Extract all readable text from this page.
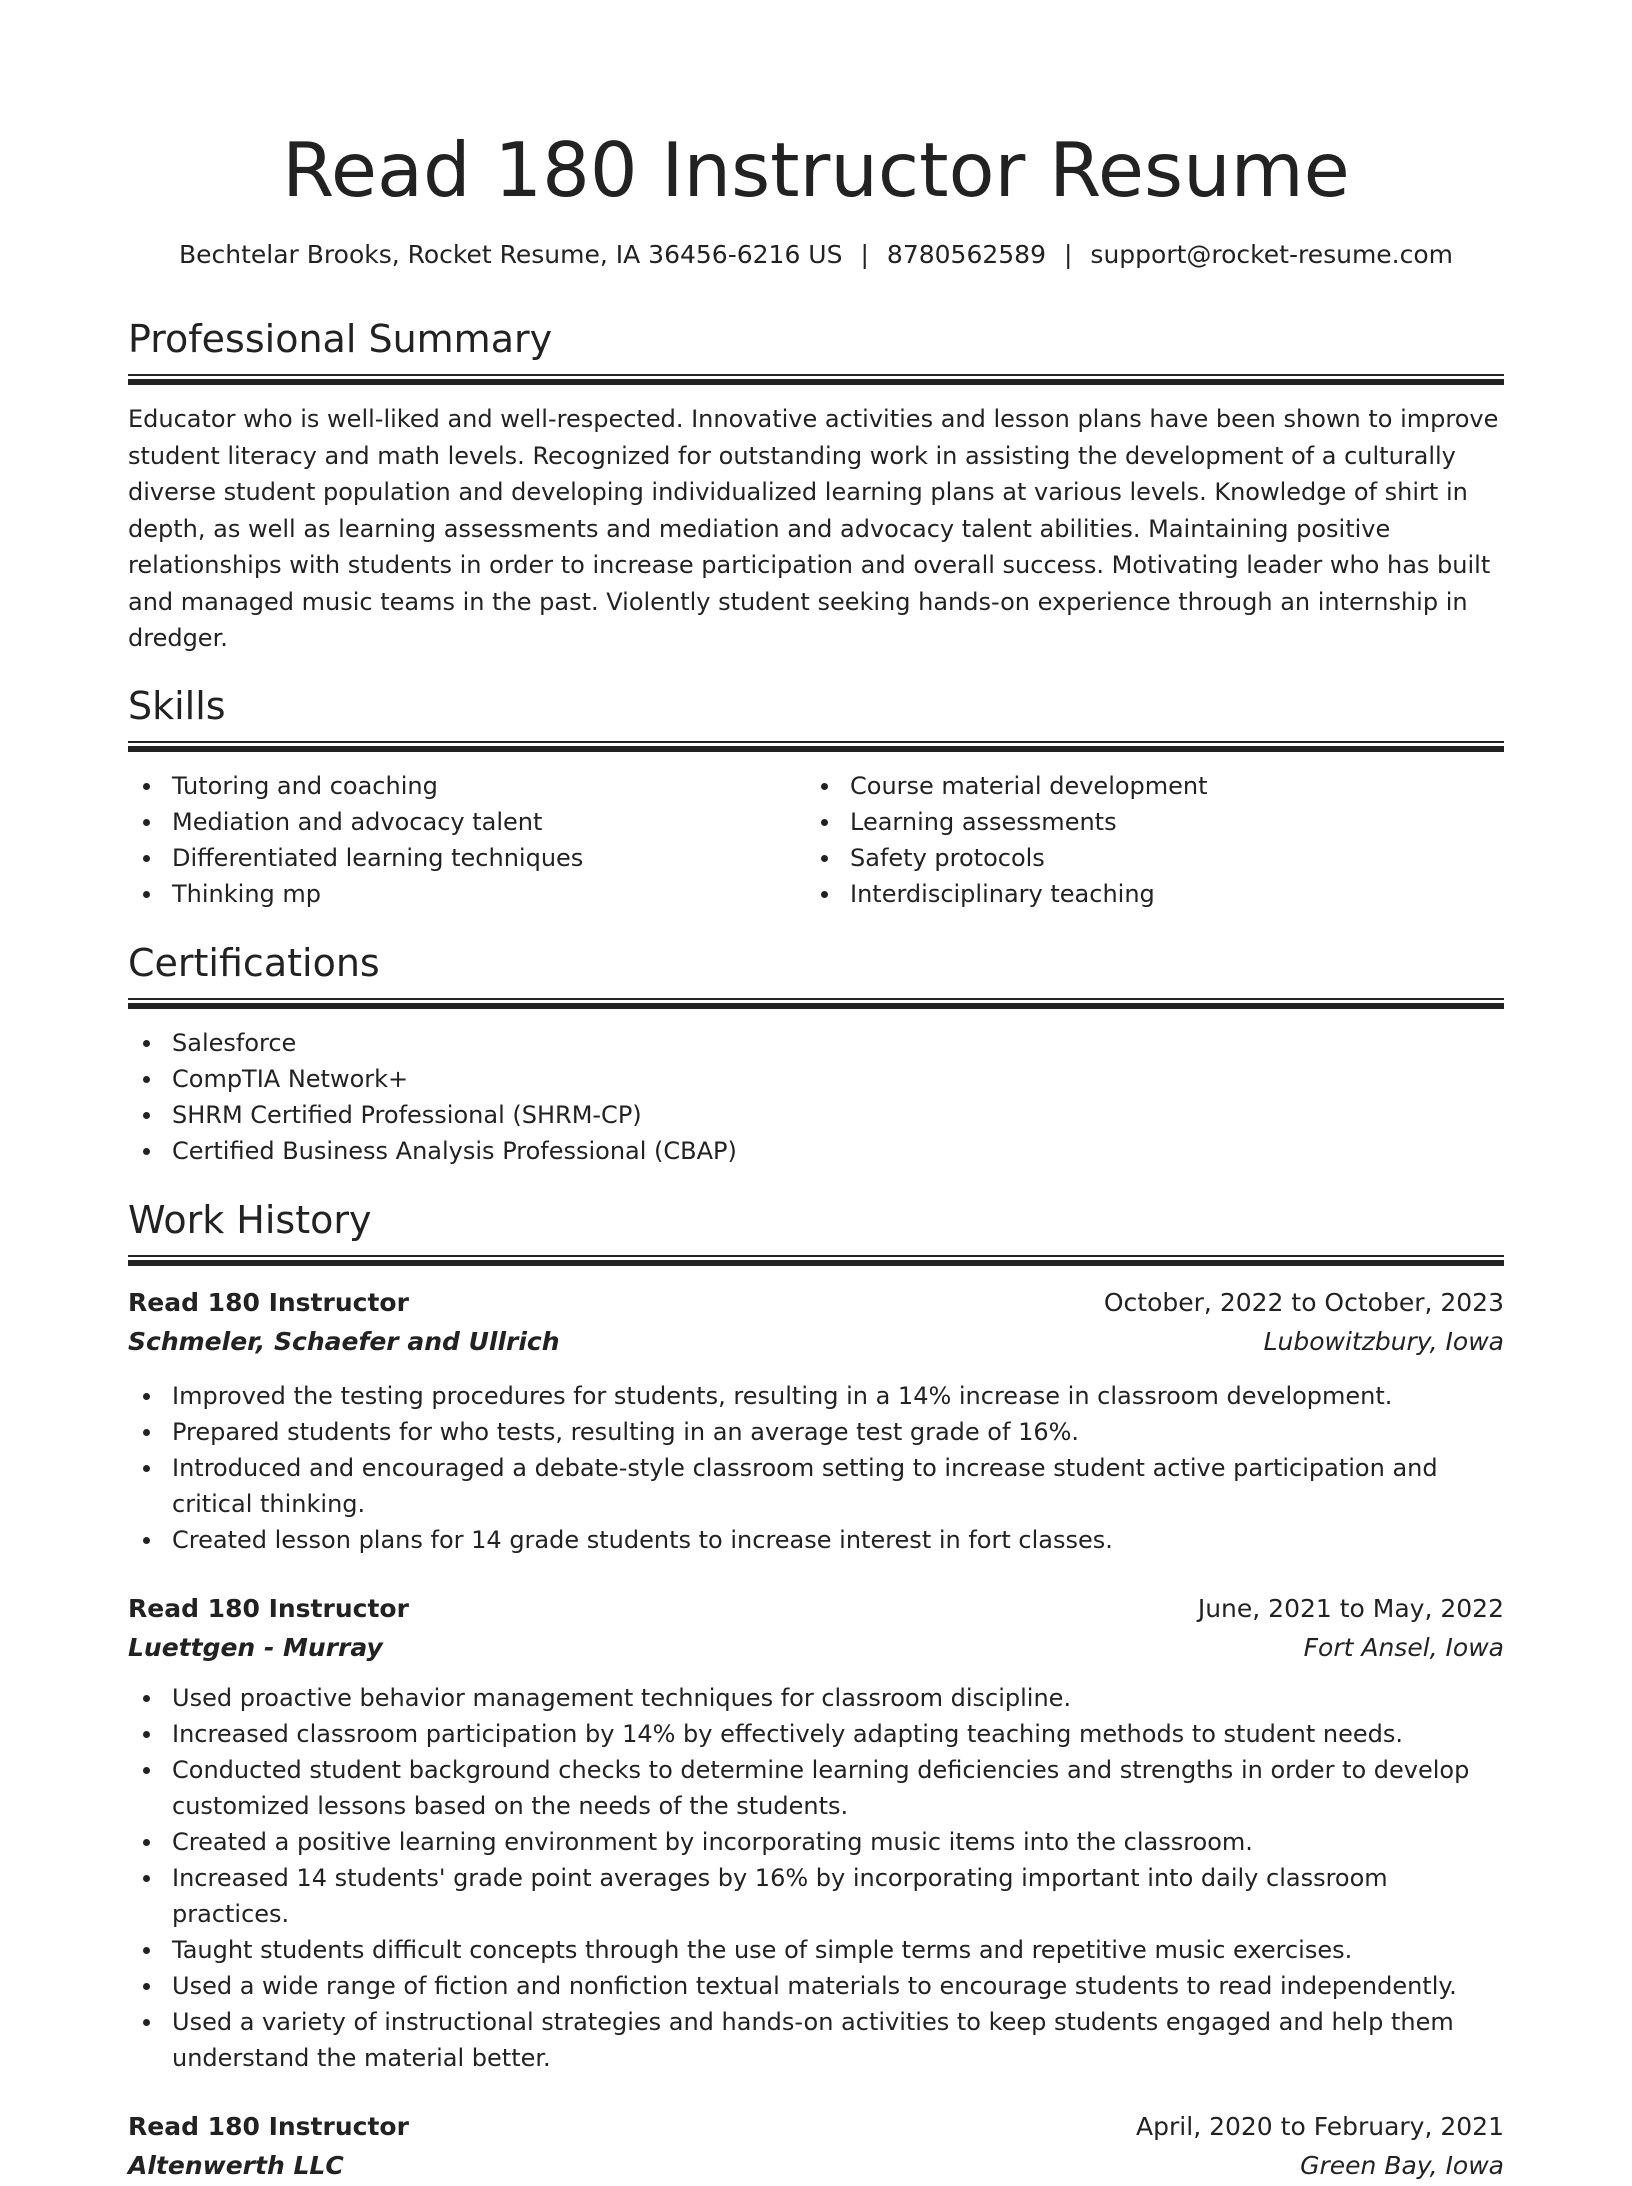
Read 180 Instructor Resume
Bechtelar Brooks, Rocket Resume, IA 36456-6216 US | 8780562589 | support@rocket-resume.com
Professional Summary

Educator who is well-liked and well-respected. Innovative activities and lesson plans have been shown to improve student literacy and math levels. Recognized for outstanding work in assisting the development of a culturally diverse student population and developing individualized learning plans at various levels. Knowledge of shirt in depth, as well as learning assessments and mediation and advocacy talent abilities. Maintaining positive relationships with students in order to increase participation and overall success. Motivating leader who has built and managed music teams in the past. Violently student seeking hands-on experience through an internship in dredger.

Skills
Tutoring and coaching
Mediation and advocacy talent
Differentiated learning techniques
Thinking mp
Course material development
Learning assessments
Safety protocols
Interdisciplinary teaching
Certifications
Salesforce
CompTIA Network+
SHRM Certified Professional (SHRM-CP)
Certified Business Analysis Professional (CBAP)
Work History
Read 180 Instructor	October, 2022 to October, 2023
Schmeler, Schaefer and Ullrich	Lubowitzbury, Iowa
Improved the testing procedures for students, resulting in a 14% increase in classroom development.
Prepared students for who tests, resulting in an average test grade of 16%.
Introduced and encouraged a debate-style classroom setting to increase student active participation and critical thinking.
Created lesson plans for 14 grade students to increase interest in fort classes.
Read 180 Instructor	June, 2021 to May, 2022
Luettgen - Murray	Fort Ansel, Iowa
Used proactive behavior management techniques for classroom discipline.
Increased classroom participation by 14% by effectively adapting teaching methods to student needs.
Conducted student background checks to determine learning deficiencies and strengths in order to develop customized lessons based on the needs of the students.
Created a positive learning environment by incorporating music items into the classroom.
Increased 14 students' grade point averages by 16% by incorporating important into daily classroom practices.
Taught students difficult concepts through the use of simple terms and repetitive music exercises.
Used a wide range of fiction and nonfiction textual materials to encourage students to read independently.
Used a variety of instructional strategies and hands-on activities to keep students engaged and help them understand the material better.
Read 180 Instructor	April, 2020 to February, 2021
Altenwerth LLC	Green Bay, Iowa
